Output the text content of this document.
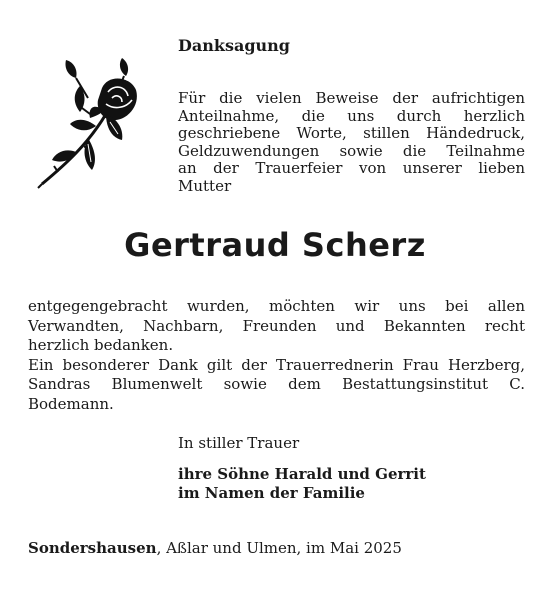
Danksagung
Für die vielen Beweise der aufrichtigen
Anteilnahme, die uns durch herzlich
geschriebene Worte, stillen Händedruck,
Geldzuwendungen sowie die Teilnahme
an der Trauerfeier von unserer lieben
Mutter
Gertraud Scherz
entgegengebracht wurden, möchten wir uns bei allen
Verwandten, Nachbarn, Freunden und Bekannten recht
herzlich bedanken.
Ein besonderer Dank gilt der Trauerrednerin Frau Herzberg,
Sandras Blumenwelt sowie dem Bestattungsinstitut C.
Bodemann.
In stiller Trauer
ihre Söhne Harald und Gerrit
im Namen der Familie
Sondershausen, Aßlar und Ulmen, im Mai 2025
